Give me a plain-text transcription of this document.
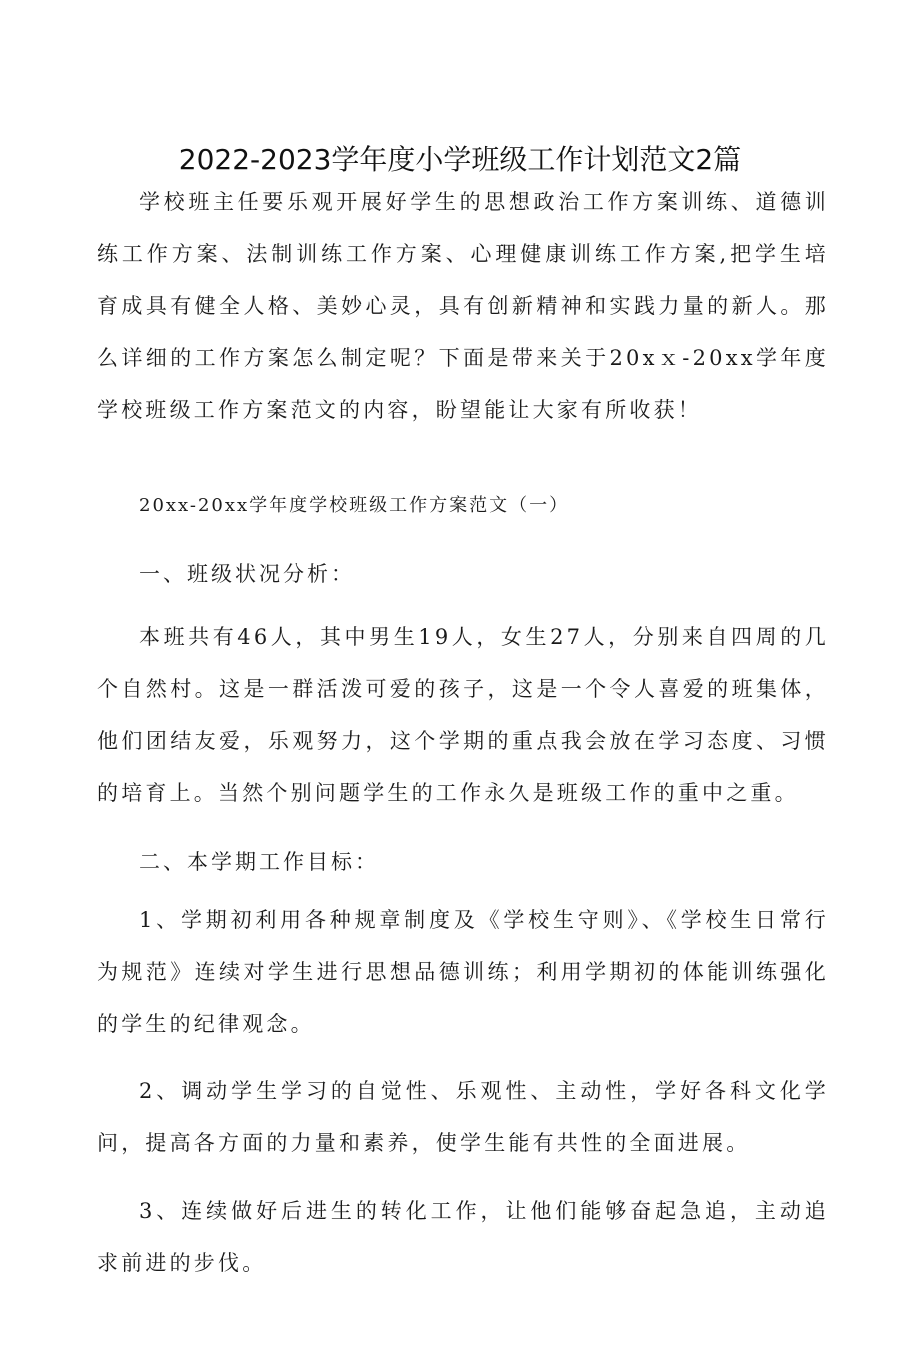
2022-2023学年度小学班级工作计划范文2篇
学校班主任要乐观开展好学生的思想政治工作方案训练、道德训练工作方案、法制训练工作方案、心理健康训练工作方案,把学生培育成具有健全人格、美妙心灵，具有创新精神和实践力量的新人。那么详细的工作方案怎么制定呢？下面是带来关于20xｘ-20xx学年度学校班级工作方案范文的内容，盼望能让大家有所收获！
20xx-20xx学年度学校班级工作方案范文（一）
一、班级状况分析：
本班共有46人，其中男生19人，女生27人，分别来自四周的几个自然村。这是一群活泼可爱的孩子，这是一个令人喜爱的班集体，他们团结友爱，乐观努力，这个学期的重点我会放在学习态度、习惯的培育上。当然个别问题学生的工作永久是班级工作的重中之重。
二、本学期工作目标：
1、学期初利用各种规章制度及《学校生守则》、《学校生日常行为规范》连续对学生进行思想品德训练；利用学期初的体能训练强化的学生的纪律观念。
2、调动学生学习的自觉性、乐观性、主动性，学好各科文化学问，提高各方面的力量和素养，使学生能有共性的全面进展。
3、连续做好后进生的转化工作，让他们能够奋起急追，主动追求前进的步伐。
